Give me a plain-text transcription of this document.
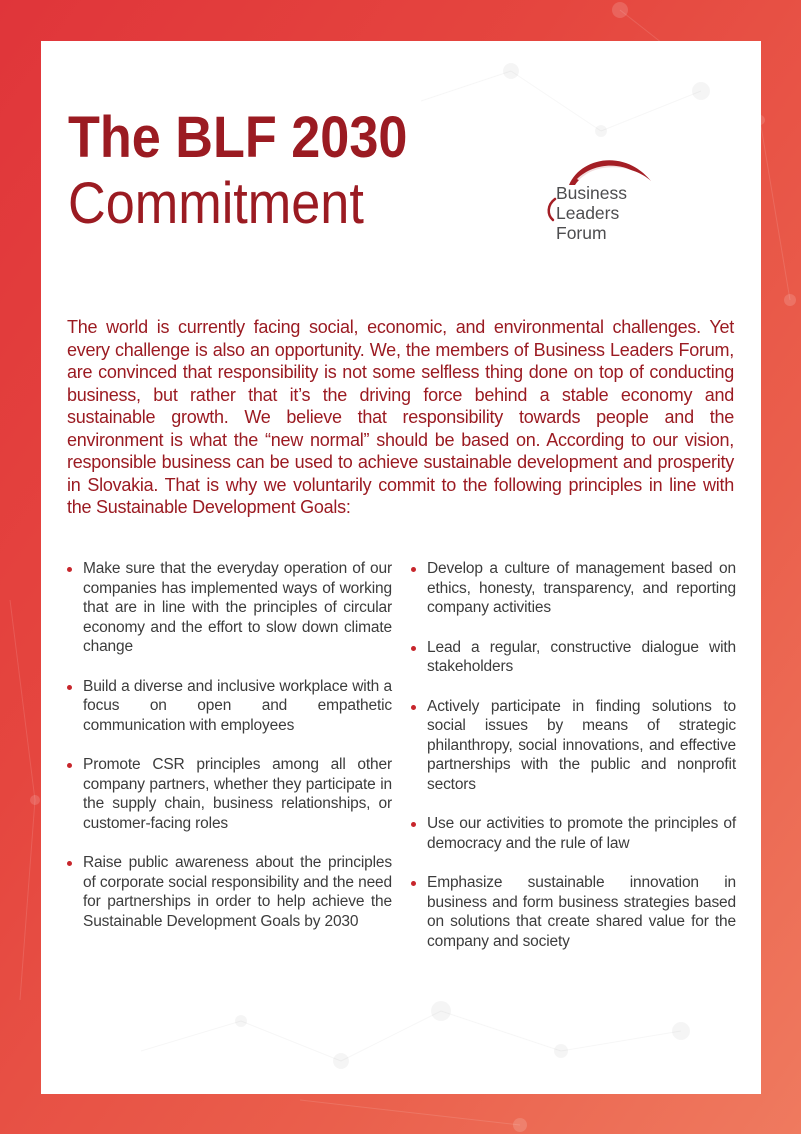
The BLF 2030
Commitment	Business
Leaders
Forum

The world is currently facing social, economic, and environmental challenges. Yet every challenge is also an opportunity. We, the members of Business Leaders Forum, are convinced that responsibility is not some selfless thing done on top of conducting business, but rather that it’s the driving force behind a stable economy and sustainable growth. We believe that responsibility towards people and the environment is what the “new normal” should be based on. According to our vision, responsible business can be used to achieve sustainable development and prosperity in Slovakia. That is why we voluntarily commit to the following principles in line with the Sustainable Development Goals:

Make sure that the everyday operation of our companies has implemented ways of working that are in line with the principles of circular economy and the effort to slow down climate change
Build a diverse and inclusive workplace with a focus on open and empathetic communication with employees
Promote CSR principles among all other company partners, whether they participate in the supply chain, business relationships, or customer-facing roles
Raise public awareness about the principles of corporate social responsibility and the need for partnerships in order to help achieve the Sustainable Development Goals by 2030
Develop a culture of management based on ethics, honesty, transparency, and reporting company activities
Lead a regular, constructive dialogue with stakeholders
Actively participate in finding solutions to social issues by means of strategic philanthropy, social innovations, and effective partnerships with the public and nonprofit sectors
Use our activities to promote the principles of democracy and the rule of law
Emphasize sustainable innovation in business and form business strategies based on solutions that create shared value for the company and society
